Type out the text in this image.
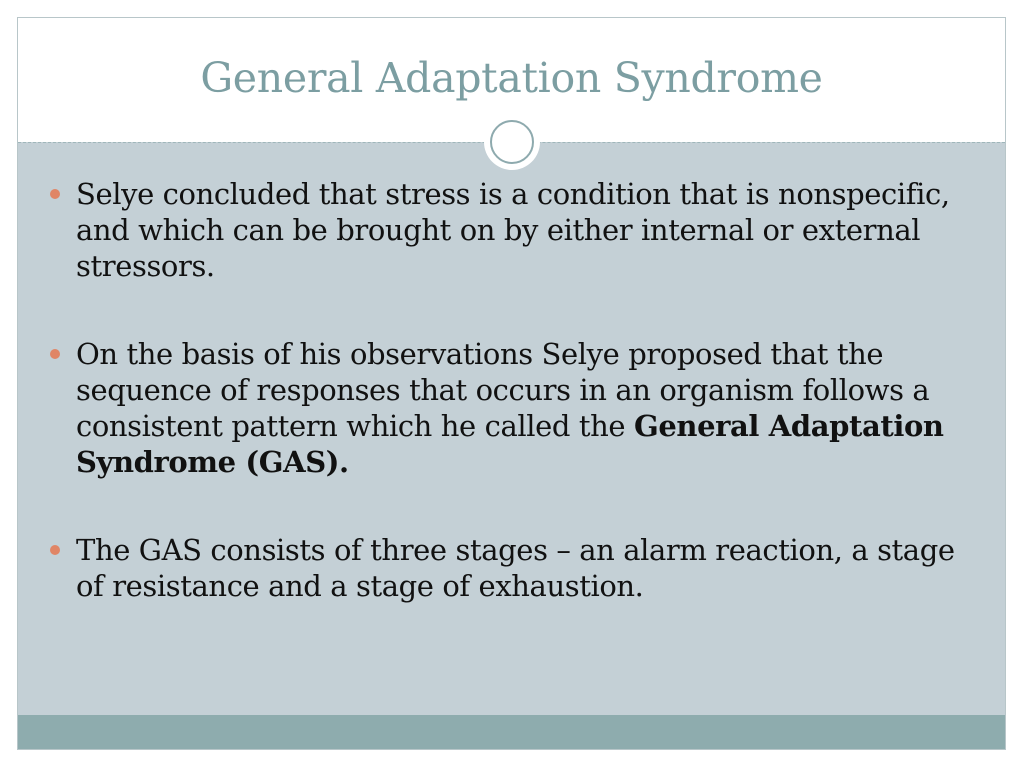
General Adaptation Syndrome
Selye concluded that stress is a condition that is nonspecific, and which can be brought on by either internal or external stressors.
On the basis of his observations Selye proposed that the sequence of responses that occurs in an organism follows a consistent pattern which he called the General Adaptation Syndrome (GAS).
The GAS consists of three stages – an alarm reaction, a stage of resistance and a stage of exhaustion.
